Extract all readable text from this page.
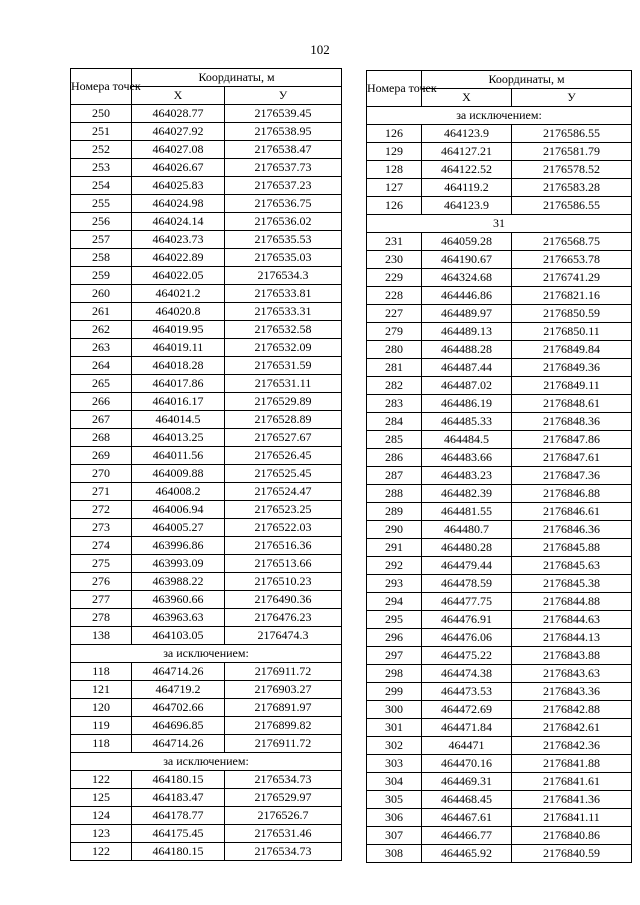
102
Номера точек	Координаты, м	
	Х	У
250	464028.77	2176539.45
251	464027.92	2176538.95
252	464027.08	2176538.47
253	464026.67	2176537.73
254	464025.83	2176537.23
255	464024.98	2176536.75
256	464024.14	2176536.02
257	464023.73	2176535.53
258	464022.89	2176535.03
259	464022.05	2176534.3
260	464021.2	2176533.81
261	464020.8	2176533.31
262	464019.95	2176532.58
263	464019.11	2176532.09
264	464018.28	2176531.59
265	464017.86	2176531.11
266	464016.17	2176529.89
267	464014.5	2176528.89
268	464013.25	2176527.67
269	464011.56	2176526.45
270	464009.88	2176525.45
271	464008.2	2176524.47
272	464006.94	2176523.25
273	464005.27	2176522.03
274	463996.86	2176516.36
275	463993.09	2176513.66
276	463988.22	2176510.23
277	463960.66	2176490.36
278	463963.63	2176476.23
138	464103.05	2176474.3
за исключением:		
118	464714.26	2176911.72
121	464719.2	2176903.27
120	464702.66	2176891.97
119	464696.85	2176899.82
118	464714.26	2176911.72
за исключением:		
122	464180.15	2176534.73
125	464183.47	2176529.97
124	464178.77	2176526.7
123	464175.45	2176531.46
122	464180.15	2176534.73
Номера точек	Координаты, м	
	Х	У
за исключением:		
126	464123.9	2176586.55
129	464127.21	2176581.79
128	464122.52	2176578.52
127	464119.2	2176583.28
126	464123.9	2176586.55
31		
231	464059.28	2176568.75
230	464190.67	2176653.78
229	464324.68	2176741.29
228	464446.86	2176821.16
227	464489.97	2176850.59
279	464489.13	2176850.11
280	464488.28	2176849.84
281	464487.44	2176849.36
282	464487.02	2176849.11
283	464486.19	2176848.61
284	464485.33	2176848.36
285	464484.5	2176847.86
286	464483.66	2176847.61
287	464483.23	2176847.36
288	464482.39	2176846.88
289	464481.55	2176846.61
290	464480.7	2176846.36
291	464480.28	2176845.88
292	464479.44	2176845.63
293	464478.59	2176845.38
294	464477.75	2176844.88
295	464476.91	2176844.63
296	464476.06	2176844.13
297	464475.22	2176843.88
298	464474.38	2176843.63
299	464473.53	2176843.36
300	464472.69	2176842.88
301	464471.84	2176842.61
302	464471	2176842.36
303	464470.16	2176841.88
304	464469.31	2176841.61
305	464468.45	2176841.36
306	464467.61	2176841.11
307	464466.77	2176840.86
308	464465.92	2176840.59
